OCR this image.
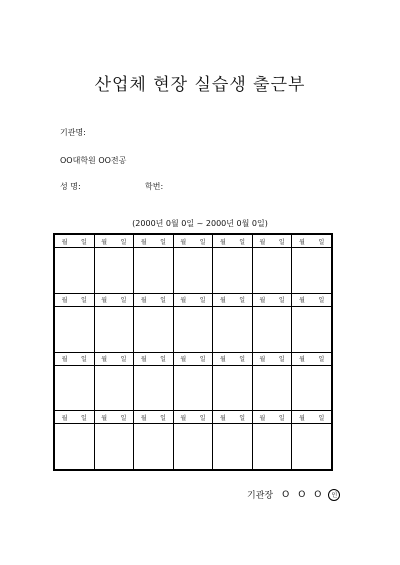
산업체 현장 실습생 출근부
기관명:
OO대학원 OO전공
성 명:	학번:
(2000년 0월 0일 ~ 2000년 0월 0일)
월 일	월 일	월 일	월 일	월 일	월 일	월 일

월 일	월 일	월 일	월 일	월 일	월 일	월 일

월 일	월 일	월 일	월 일	월 일	월 일	월 일

월 일	월 일	월 일	월 일	월 일	월 일	월 일

기관장 O O O	인
